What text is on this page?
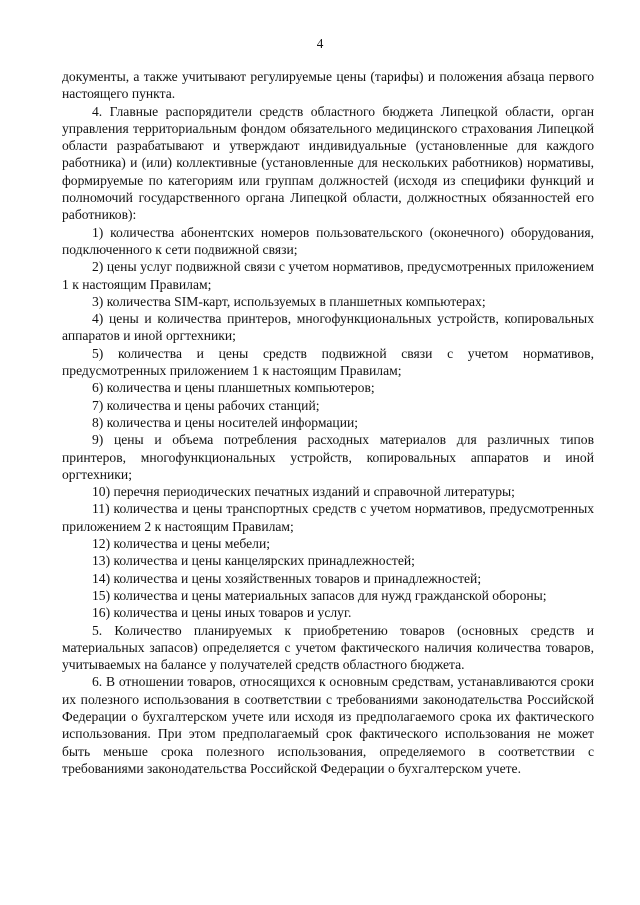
4

документы, а также учитывают регулируемые цены (тарифы) и положения абзаца первого настоящего пункта.

4. Главные распорядители средств областного бюджета Липецкой области, орган управления территориальным фондом обязательного медицинского страхования Липецкой области разрабатывают и утверждают индивидуальные (установленные для каждого работника) и (или) коллективные (установленные для нескольких работников) нормативы, формируемые по категориям или группам должностей (исходя из специфики функций и полномочий государственного органа Липецкой области, должностных обязанностей его работников):

1) количества абонентских номеров пользовательского (оконечного) оборудования, подключенного к сети подвижной связи;

2) цены услуг подвижной связи с учетом нормативов, предусмотренных приложением 1 к настоящим Правилам;

3) количества SIM-карт, используемых в планшетных компьютерах;

4) цены и количества принтеров, многофункциональных устройств, копировальных аппаратов и иной оргтехники;

5) количества и цены средств подвижной связи с учетом нормативов, предусмотренных приложением 1 к настоящим Правилам;

6) количества и цены планшетных компьютеров;

7) количества и цены рабочих станций;

8) количества и цены носителей информации;

9) цены и объема потребления расходных материалов для различных типов принтеров, многофункциональных устройств, копировальных аппаратов и иной оргтехники;

10) перечня периодических печатных изданий и справочной литературы;

11) количества и цены транспортных средств с учетом нормативов, предусмотренных приложением 2 к настоящим Правилам;

12) количества и цены мебели;

13) количества и цены канцелярских принадлежностей;

14) количества и цены хозяйственных товаров и принадлежностей;

15) количества и цены материальных запасов для нужд гражданской обороны;

16) количества и цены иных товаров и услуг.

5. Количество планируемых к приобретению товаров (основных средств и материальных запасов) определяется с учетом фактического наличия количества товаров, учитываемых на балансе у получателей средств областного бюджета.

6. В отношении товаров, относящихся к основным средствам, устанавливаются сроки их полезного использования в соответствии с требованиями законодательства Российской Федерации о бухгалтерском учете или исходя из предполагаемого срока их фактического использования. При этом предполагаемый срок фактического использования не может быть меньше срока полезного использования, определяемого в соответствии с требованиями законодательства Российской Федерации о бухгалтерском учете.
